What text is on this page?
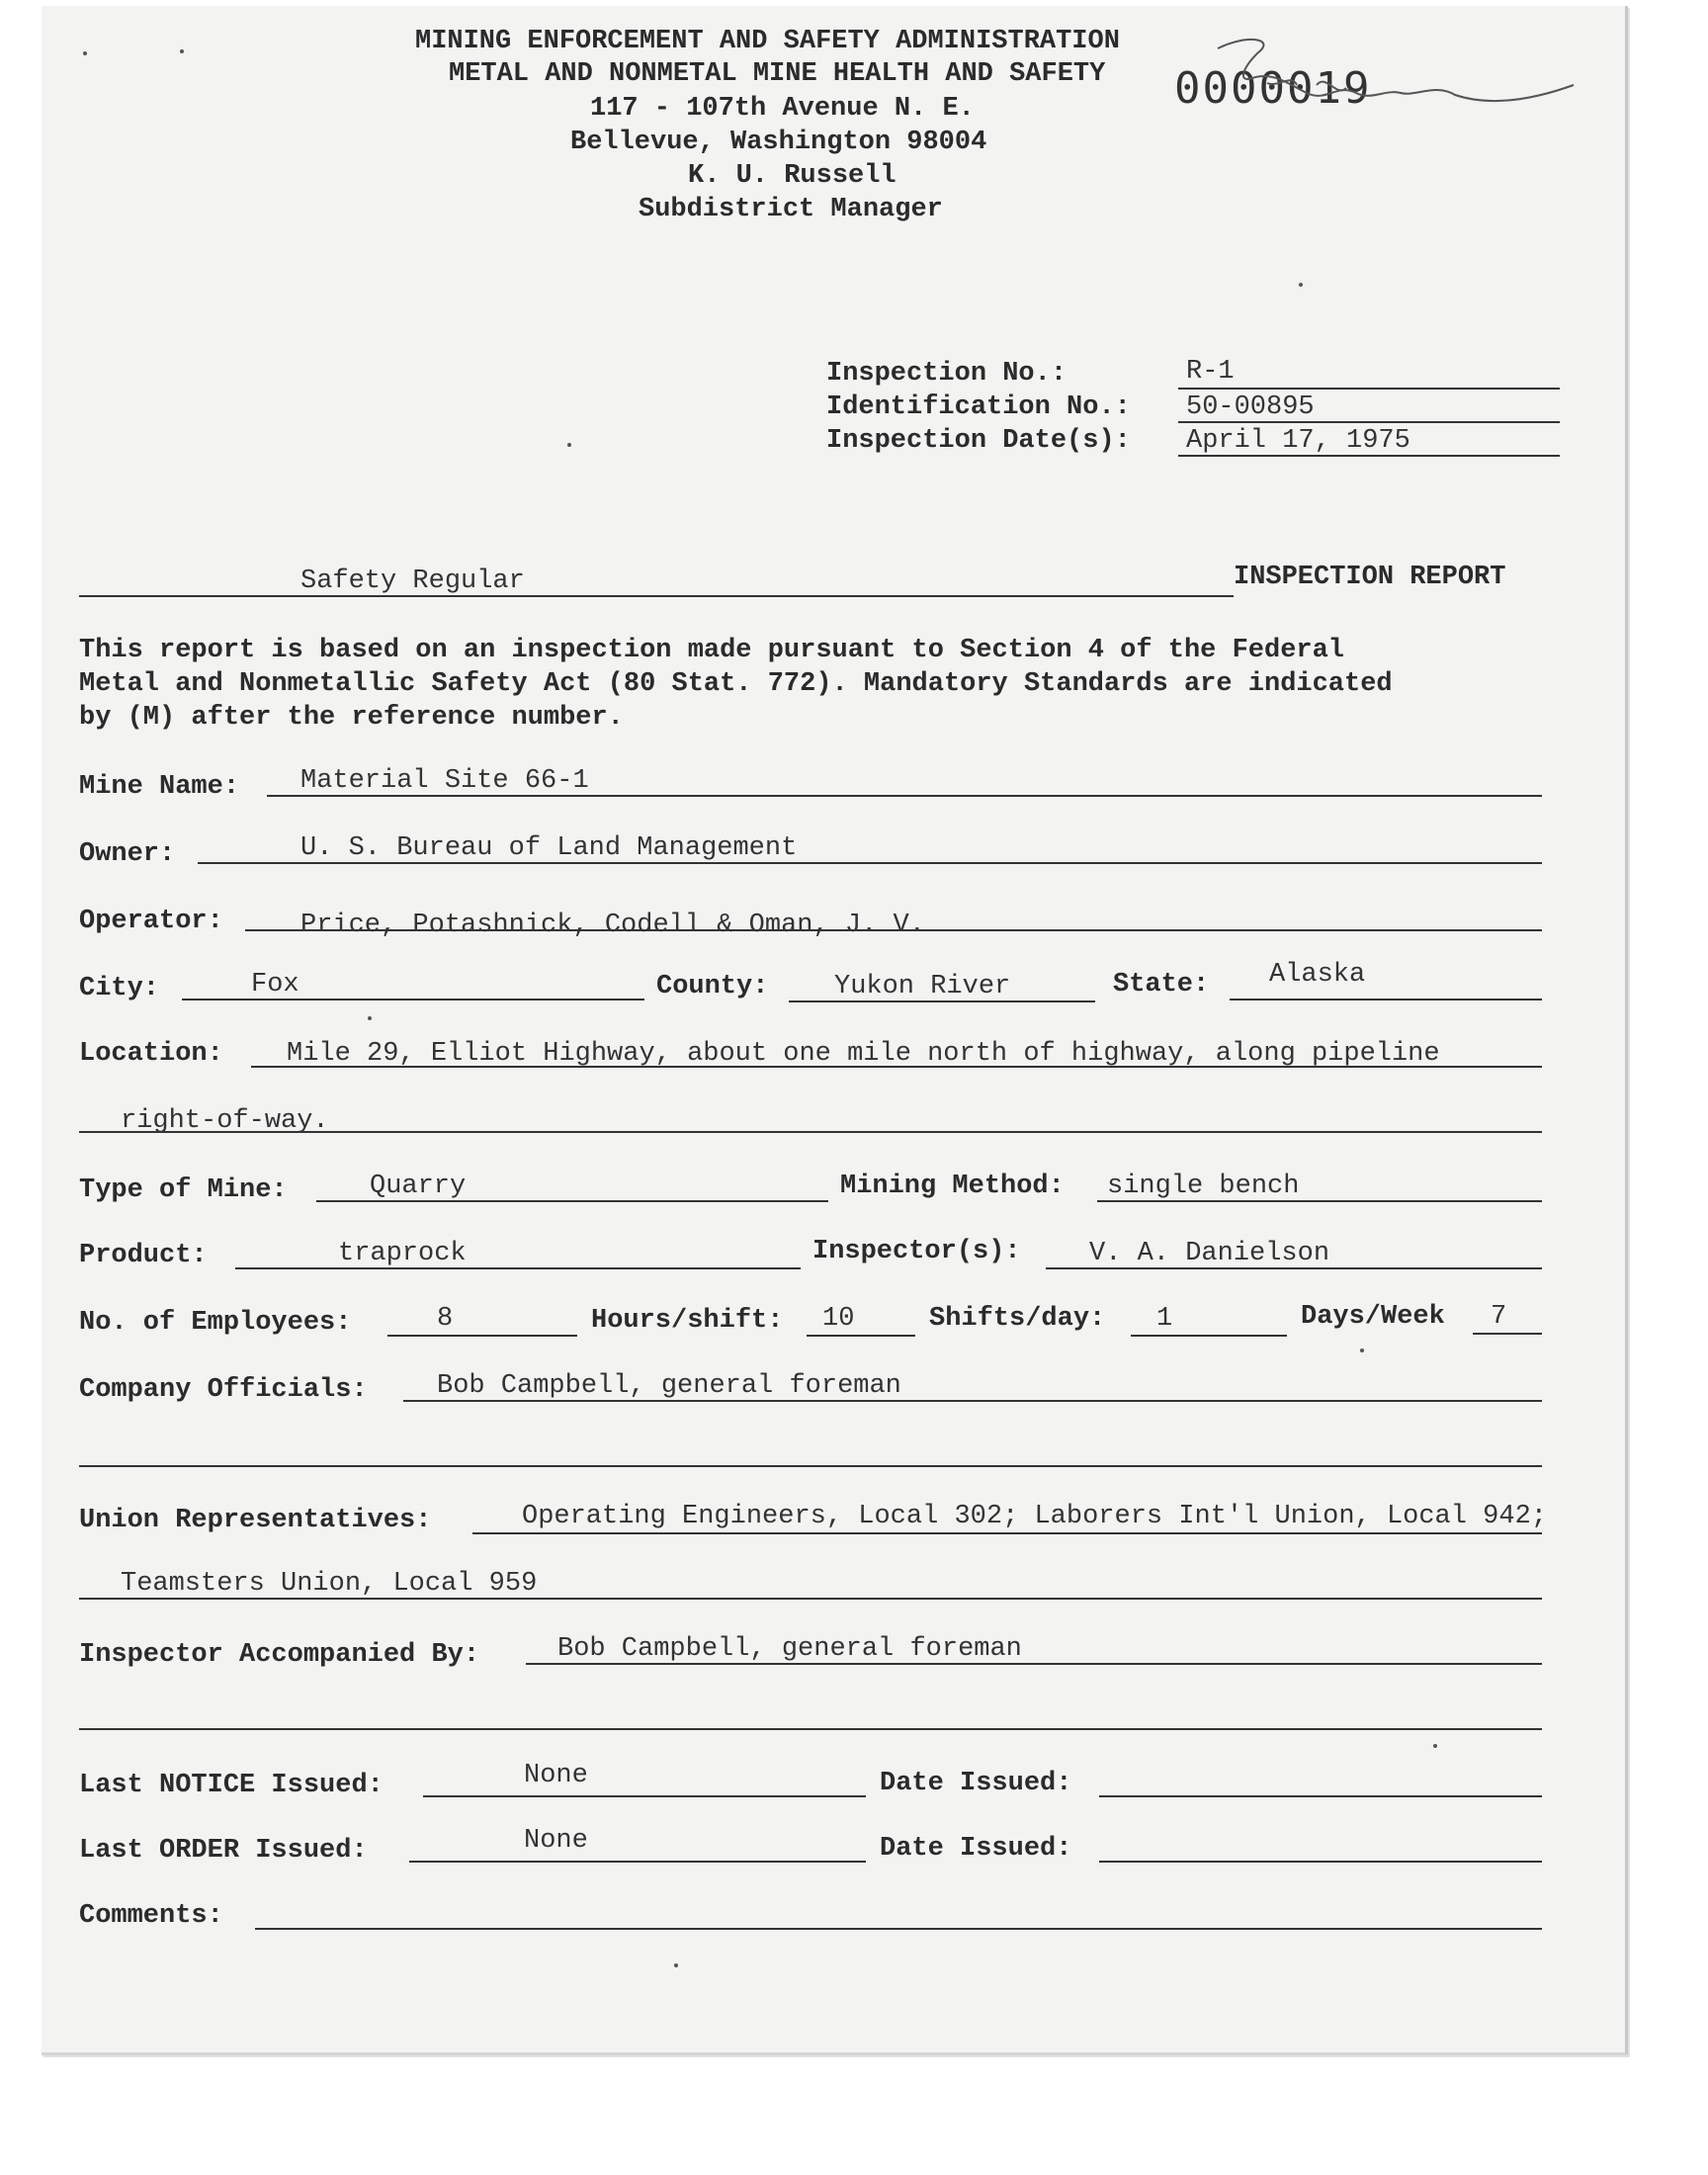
MINING ENFORCEMENT AND SAFETY ADMINISTRATION
METAL AND NONMETAL MINE HEALTH AND SAFETY
117 - 107th Avenue N. E.
Bellevue, Washington 98004
K. U. Russell
Subdistrict Manager
0000019
Inspection No.:	R-1
Identification No.: 50-00895
Inspection Date(s): April 17, 1975
Safety Regular	INSPECTION REPORT
This report is based on an inspection made pursuant to Section 4 of the Federal
Metal and Nonmetallic Safety Act (80 Stat. 772). Mandatory Standards are indicated
by (M) after the reference number.
Mine Name: Material Site 66-1
Owner:	U. S. Bureau of Land Management
Operator:	Price, Potashnick, Codell & Oman, J. V.
City:	Fox	County: Yukon River	State: Alaska
Location: Mile 29, Elliot Highway, about one mile north of highway, along pipeline
right-of-way.
Type of Mine:	Quarry	Mining Method: single bench
Product:	traprock	Inspector(s):	V. A. Danielson
No. of Employees:	8	Hours/shift: 10	Shifts/day: 1	Days/Week 7
Company Officials:	Bob Campbell, general foreman
Union Representatives:	Operating Engineers, Local 302; Laborers Int'l Union, Local 942;
Teamsters Union, Local 959
Inspector Accompanied By:	Bob Campbell, general foreman
Last NOTICE Issued:	None	Date Issued:
Last ORDER Issued:	None	Date Issued:
Comments:
